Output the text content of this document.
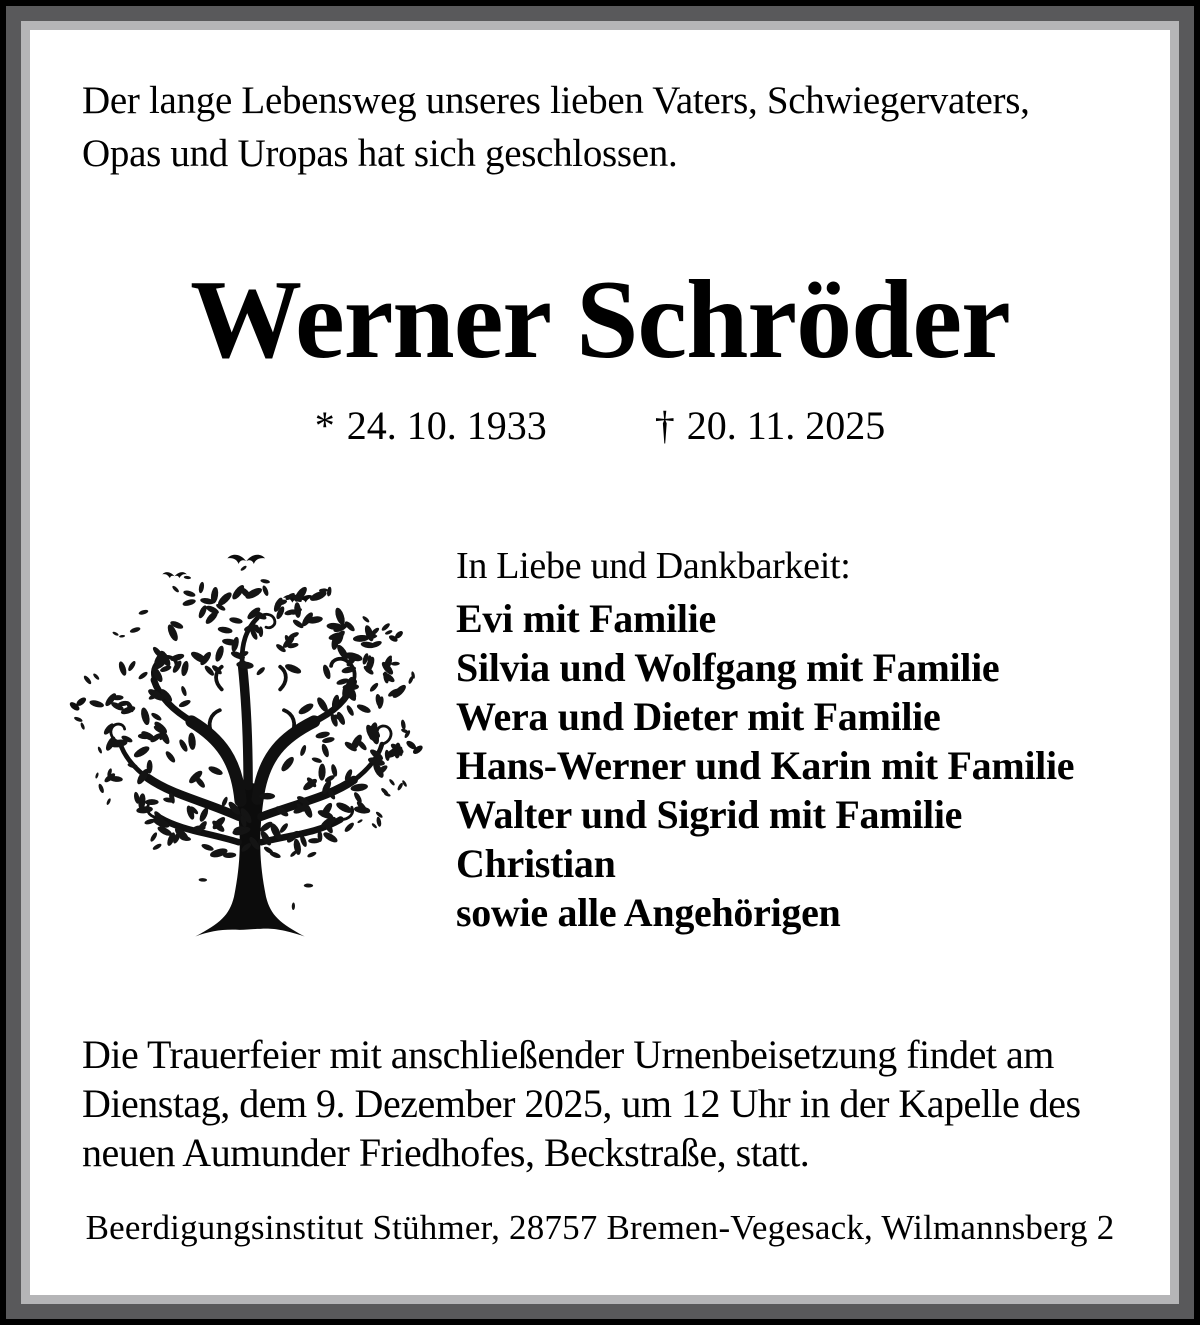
Der lange Lebensweg unseres lieben Vaters, Schwiegervaters,
Opas und Uropas hat sich geschlossen.
Werner Schröder
* 24. 10. 1933	† 20. 11. 2025
In Liebe und Dankbarkeit:
Evi mit Familie
Silvia und Wolfgang mit Familie
Wera und Dieter mit Familie
Hans-Werner und Karin mit Familie
Walter und Sigrid mit Familie
Christian
sowie alle Angehörigen
Die Trauerfeier mit anschließender Urnenbeisetzung findet am
Dienstag, dem 9. Dezember 2025, um 12 Uhr in der Kapelle des
neuen Aumunder Friedhofes, Beckstraße, statt.
Beerdigungsinstitut Stühmer, 28757 Bremen-Vegesack, Wilmannsberg 2
